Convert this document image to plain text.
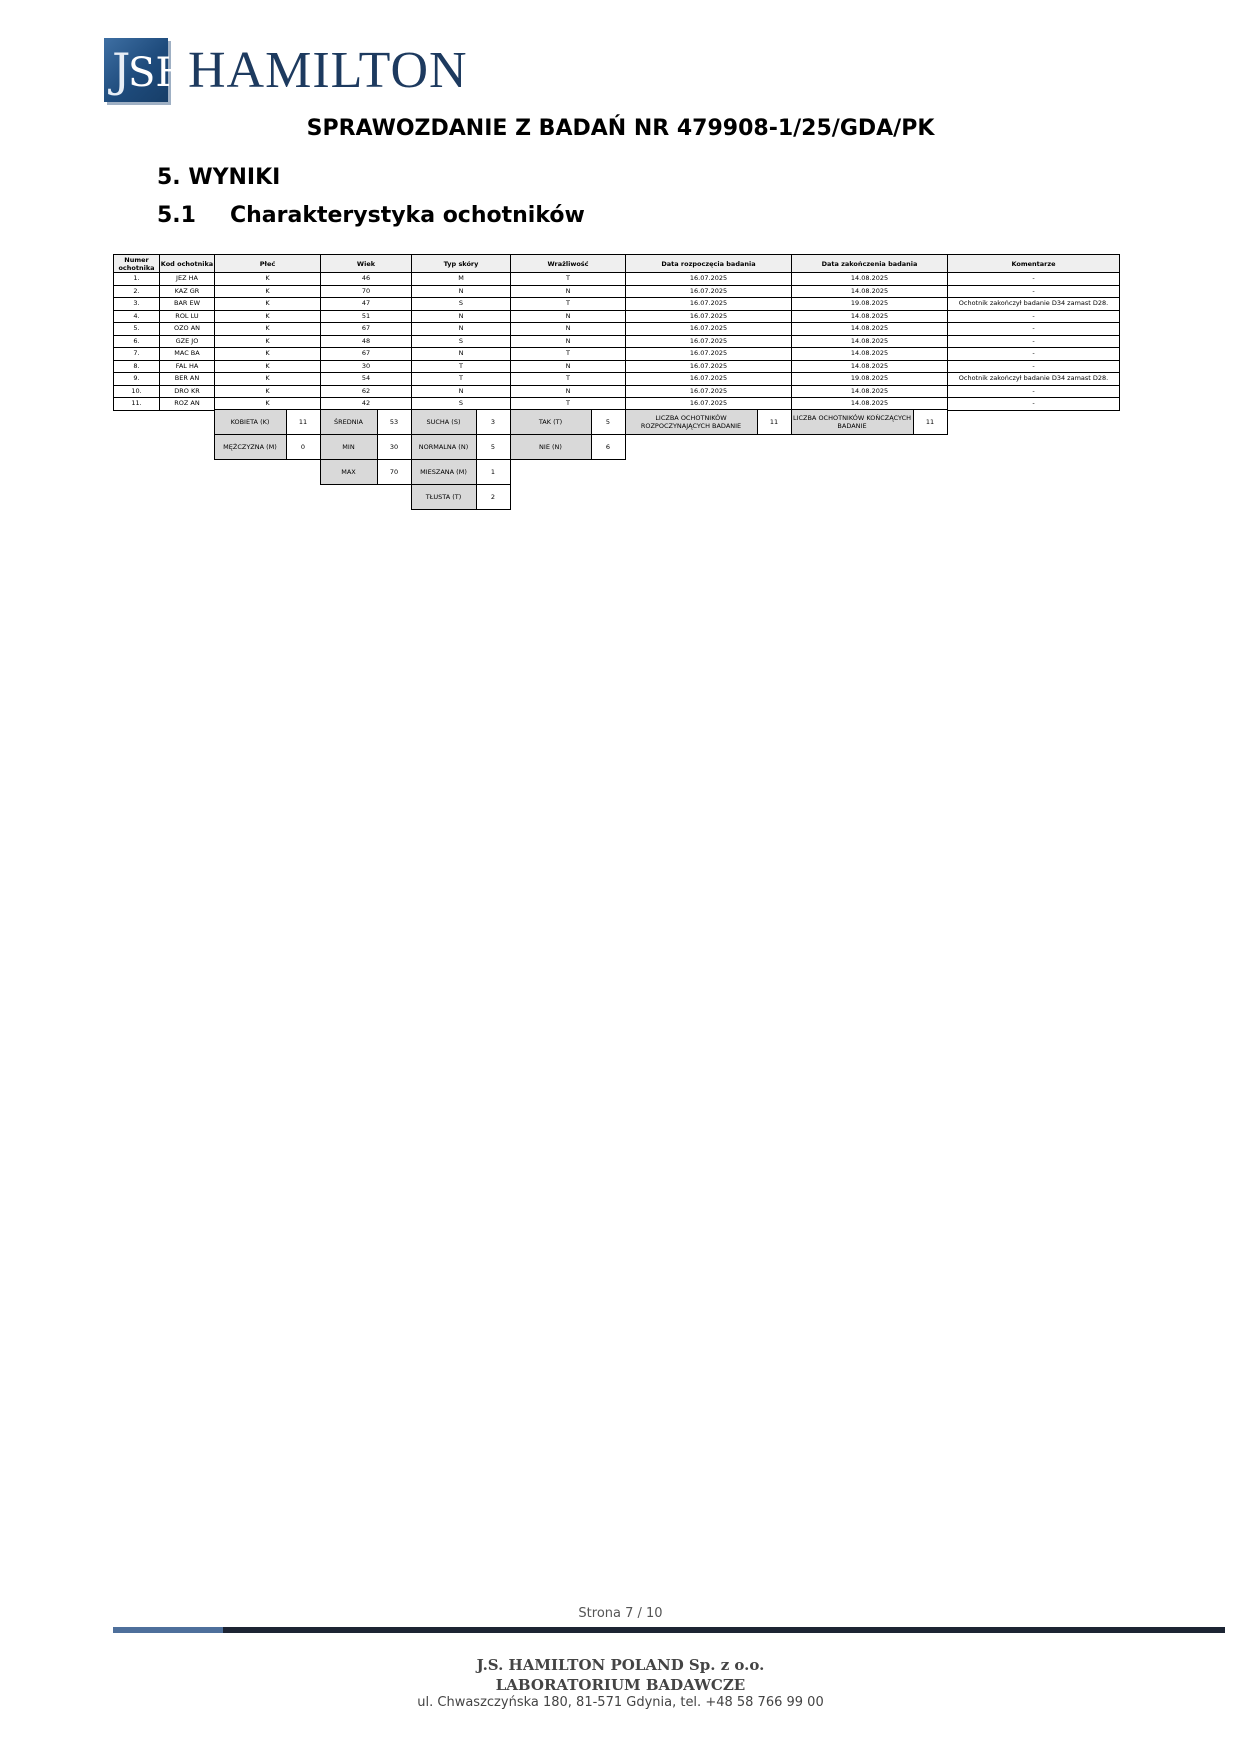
J
SH
HAMILTON
SPRAWOZDANIE Z BADAŃ NR 479908-1/25/GDA/PK
5. WYNIKI
5.1 Charakterystyka ochotników
Numer ochotnika	Kod ochotnika	Płeć	Wiek	Typ skóry	Wrażliwość	Data rozpoczęcia badania	Data zakończenia badania	Komentarze
1.	JEZ HA	K	46	M	T	16.07.2025	14.08.2025	-
2.	KAZ GR	K	70	N	N	16.07.2025	14.08.2025	-
3.	BAR EW	K	47	S	T	16.07.2025	19.08.2025	Ochotnik zakończył badanie D34 zamast D28.
4.	ROL LU	K	51	N	N	16.07.2025	14.08.2025	-
5.	OZO AN	K	67	N	N	16.07.2025	14.08.2025	-
6.	GZE JO	K	48	S	N	16.07.2025	14.08.2025	-
7.	MAC BA	K	67	N	T	16.07.2025	14.08.2025	-
8.	FAL HA	K	30	T	N	16.07.2025	14.08.2025	-
9.	BER AN	K	54	T	T	16.07.2025	19.08.2025	Ochotnik zakończył badanie D34 zamast D28.
10.	DRO KR	K	62	N	N	16.07.2025	14.08.2025	-
11.	ROZ AN	K	42	S	T	16.07.2025	14.08.2025	-
	KOBIETA (K)	11	ŚREDNIA	53	SUCHA (S)	3	TAK (T)	5	LICZBA OCHOTNIKÓW ROZPOCZYNAJĄCYCH BADANIE	11	LICZBA OCHOTNIKÓW KOŃCZĄCYCH BADANIE	11	
	MĘŻCZYZNA (M)	0	MIN	30	NORMALNA (N)	5	NIE (N)	6					
			MAX	70	MIESZANA (M)	1							
					TŁUSTA (T)	2							
Strona 7 / 10
J.S. HAMILTON POLAND Sp. z o.o.
LABORATORIUM BADAWCZE
ul. Chwaszczyńska 180, 81-571 Gdynia, tel. +48 58 766 99 00
